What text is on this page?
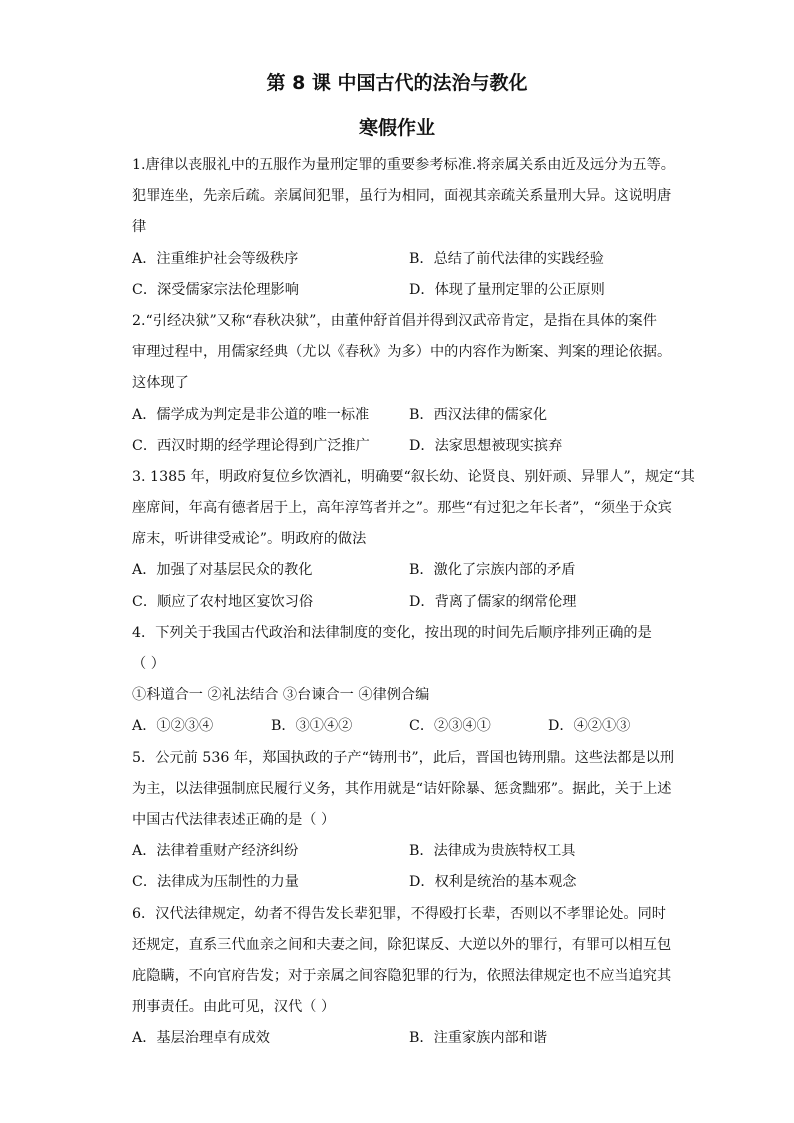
第 8 课 中国古代的法治与教化
寒假作业
1.唐律以丧服礼中的五服作为量刑定罪的重要参考标准.将亲属关系由近及远分为五等。
犯罪连坐，先亲后疏。亲属间犯罪，虽行为相同，面视其亲疏关系量刑大异。这说明唐
律
A．注重维护社会等级秩序	B．总结了前代法律的实践经验
C．深受儒家宗法伦理影响	D．体现了量刑定罪的公正原则
2.“引经决狱”又称“春秋决狱”，由董仲舒首倡并得到汉武帝肯定，是指在具体的案件
审理过程中，用儒家经典（尤以《春秋》为多）中的内容作为断案、判案的理论依据。
这体现了
A．儒学成为判定是非公道的唯一标准	B．西汉法律的儒家化
C．西汉时期的经学理论得到广泛推广	D．法家思想被现实摈弃
3. 1385 年，明政府复位乡饮酒礼，明确要“叙长幼、论贤良、别奸顽、异罪人”，规定“其
座席间，年高有德者居于上，高年淳笃者并之”。那些“有过犯之年长者”，“须坐于众宾
席末，听讲律受戒论”。明政府的做法
A．加强了对基层民众的教化	B．激化了宗族内部的矛盾
C．顺应了农村地区宴饮习俗	D．背离了儒家的纲常伦理
4．下列关于我国古代政治和法律制度的变化，按出现的时间先后顺序排列正确的是
（ ）
①科道合一 ②礼法结合 ③台谏合一 ④律例合编
A．①②③④	B．③①④②	C．②③④①	D．④②①③
5．公元前 536 年，郑国执政的子产“铸刑书”，此后，晋国也铸刑鼎。这些法都是以刑
为主，以法律强制庶民履行义务，其作用就是“诘奸除暴、惩贪黜邪”。据此，关于上述
中国古代法律表述正确的是（ ）
A．法律着重财产经济纠纷	B．法律成为贵族特权工具
C．法律成为压制性的力量	D．权利是统治的基本观念
6．汉代法律规定，幼者不得告发长辈犯罪，不得殴打长辈，否则以不孝罪论处。同时
还规定，直系三代血亲之间和夫妻之间，除犯谋反、大逆以外的罪行，有罪可以相互包
庇隐瞒，不向官府告发；对于亲属之间容隐犯罪的行为，依照法律规定也不应当追究其
刑事责任。由此可见，汉代（ ）
A．基层治理卓有成效	B．注重家族内部和谐
